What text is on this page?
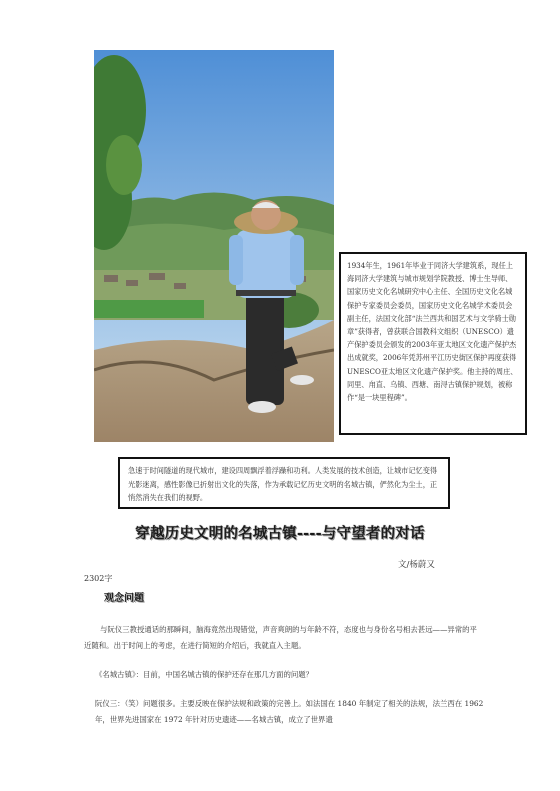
1934年生，1961年毕业于同济大学建筑系，现任上海同济大学建筑与城市规划学院教授、博士生导师、国家历史文化名城研究中心主任、全国历史文化名城保护专家委员会委员，国家历史文化名城学术委员会副主任，法国文化部“法兰西共和国艺术与文学骑士勋章”获得者，曾获联合国教科文组织（UNESCO）遗产保护委员会颁发的2003年亚太地区文化遗产保护杰出成就奖，2006年凭苏州平江历史街区保护再度获得UNESCO亚太地区文化遗产保护奖。他主持的周庄、同里、甪直、乌镇、西塘、南浔古镇保护规划，被称作“是一块里程碑”。
急速于时间隧道的现代城市，建设四周飘浮着浮躁和功利。人类发展的技术创造，让城市记忆变得光影迷离，感性影像已折射出文化的失落，作为承载记忆历史文明的名城古镇，俨然化为尘土，正悄然消失在我们的视野。
穿越历史文明的名城古镇----与守望者的对话
文/杨蔚又
2302字
观念问题
与阮仪三教授通话的那瞬间，脑海竟然出现错觉，声音爽朗的与年龄不符，态度也与身份名号相去甚远——异常的平近随和。出于时间上的考虑，在进行简短的介绍后，我就直入主题。
《名城古镇》：目前，中国名城古镇的保护还存在那几方面的问题？
阮仪三：（笑）问题很多。主要反映在保护法规和政策的完善上。如法国在 1840 年制定了相关的法规，法兰西在 1962 年，世界先进国家在 1972 年针对历史遗迹——名城古镇，成立了世界遗
